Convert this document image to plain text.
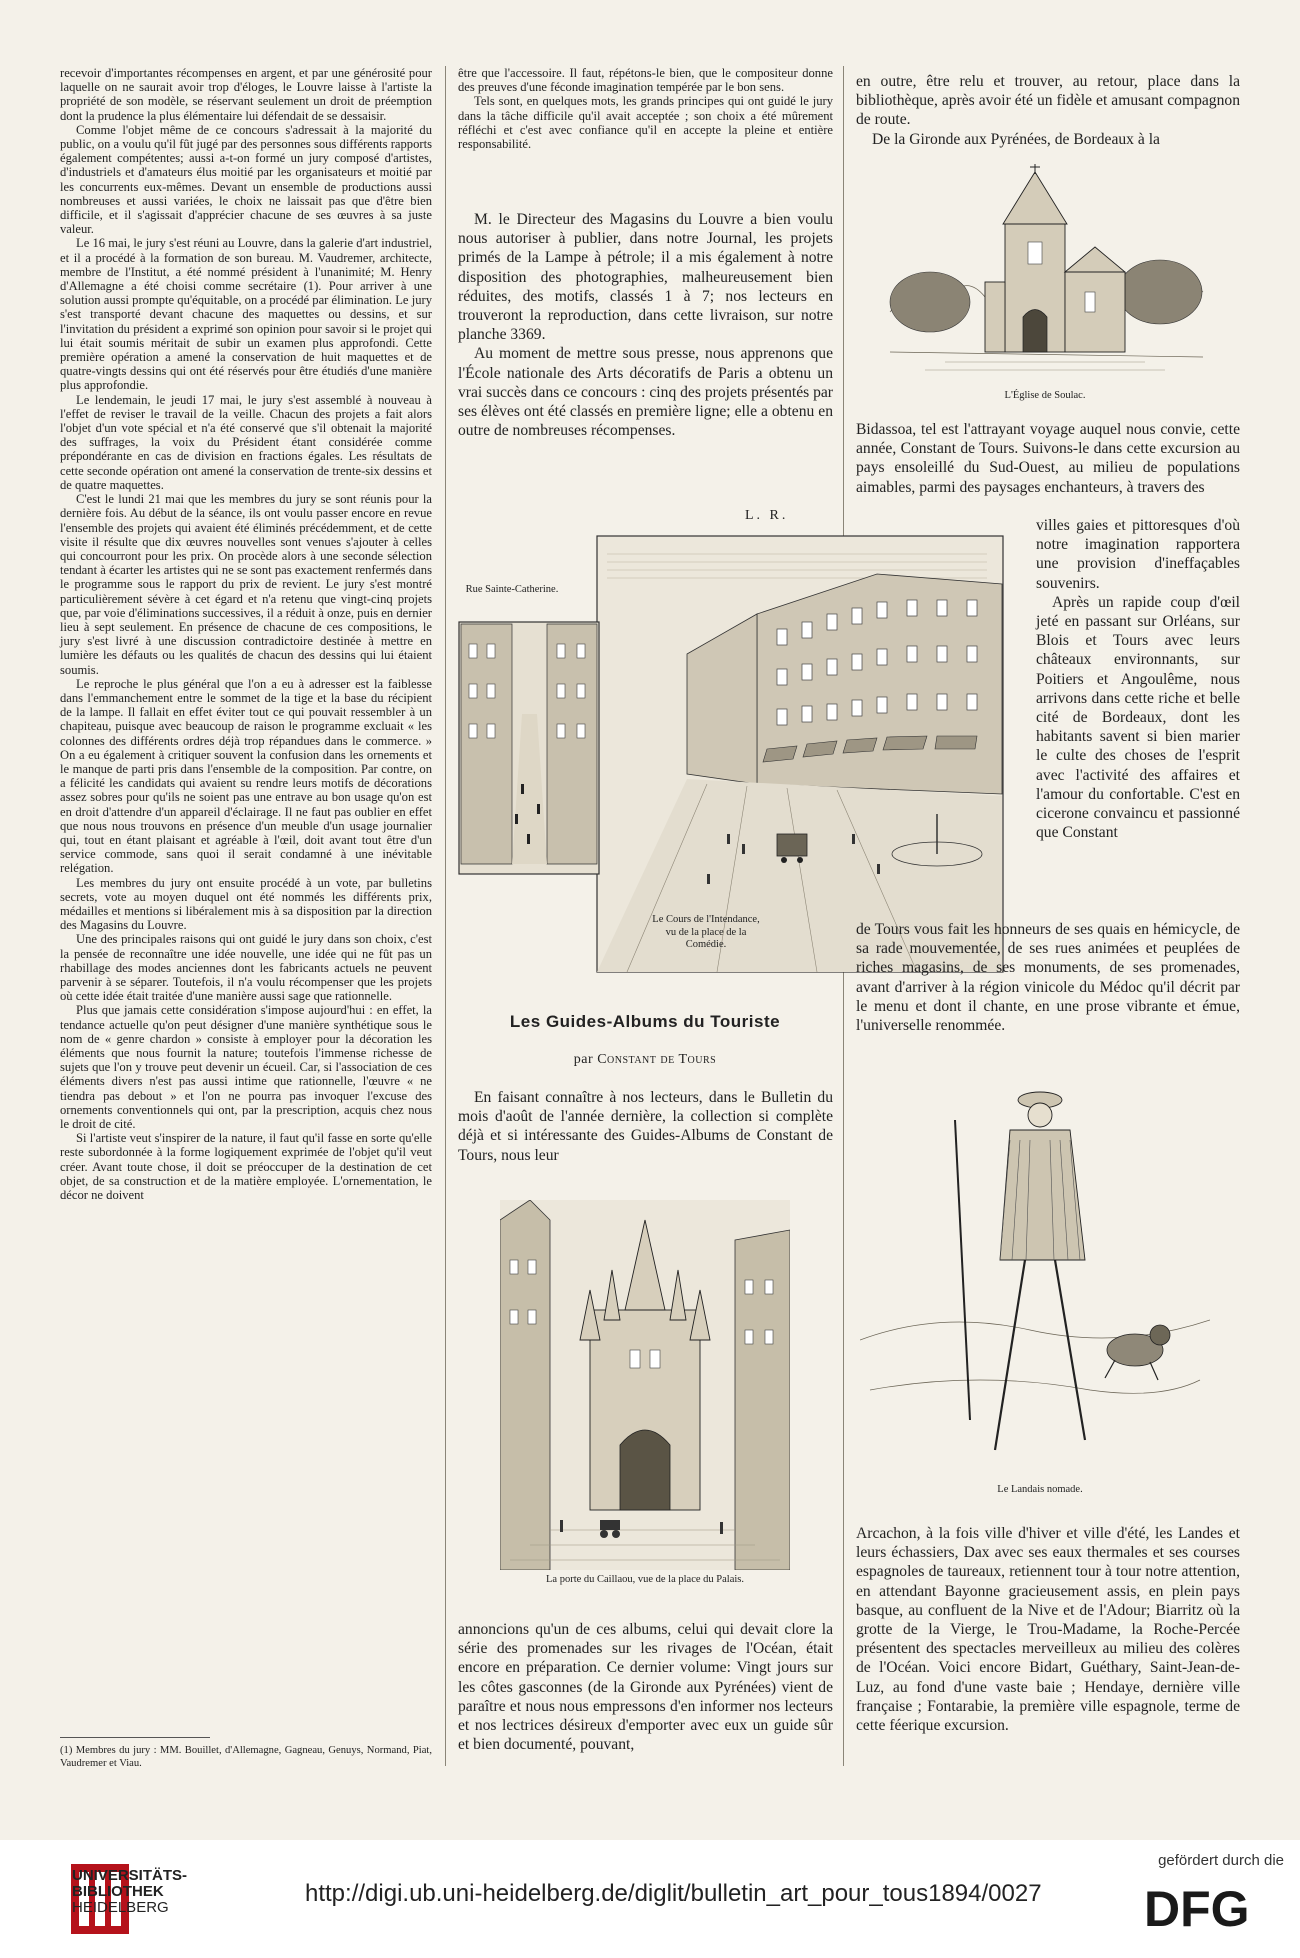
recevoir d'importantes récompenses en argent, et par une générosité pour laquelle on ne saurait avoir trop d'éloges, le Louvre laisse à l'artiste la propriété de son modèle, se réservant seulement un droit de préemption dont la prudence la plus élémentaire lui défendait de se dessaisir.

Comme l'objet même de ce concours s'adressait à la majorité du public, on a voulu qu'il fût jugé par des personnes sous différents rapports également compétentes; aussi a-t-on formé un jury composé d'artistes, d'industriels et d'amateurs élus moitié par les organisateurs et moitié par les concurrents eux-mêmes. Devant un ensemble de productions aussi nombreuses et aussi variées, le choix ne laissait pas que d'être bien difficile, et il s'agissait d'apprécier chacune de ses œuvres à sa juste valeur.

Le 16 mai, le jury s'est réuni au Louvre, dans la galerie d'art industriel, et il a procédé à la formation de son bureau. M. Vaudremer, architecte, membre de l'Institut, a été nommé président à l'unanimité; M. Henry d'Allemagne a été choisi comme secrétaire (1). Pour arriver à une solution aussi prompte qu'équitable, on a procédé par élimination. Le jury s'est transporté devant chacune des maquettes ou dessins, et sur l'invitation du président a exprimé son opinion pour savoir si le projet qui lui était soumis méritait de subir un examen plus approfondi. Cette première opération a amené la conservation de huit maquettes et de quatre-vingts dessins qui ont été réservés pour être étudiés d'une manière plus approfondie.

Le lendemain, le jeudi 17 mai, le jury s'est assemblé à nouveau à l'effet de reviser le travail de la veille. Chacun des projets a fait alors l'objet d'un vote spécial et n'a été conservé que s'il obtenait la majorité des suffrages, la voix du Président étant considérée comme prépondérante en cas de division en fractions égales. Les résultats de cette seconde opération ont amené la conservation de trente-six dessins et de quatre maquettes.

C'est le lundi 21 mai que les membres du jury se sont réunis pour la dernière fois. Au début de la séance, ils ont voulu passer encore en revue l'ensemble des projets qui avaient été éliminés précédemment, et de cette visite il résulte que dix œuvres nouvelles sont venues s'ajouter à celles qui concourront pour les prix. On procède alors à une seconde sélection tendant à écarter les artistes qui ne se sont pas exactement renfermés dans le programme sous le rapport du prix de revient. Le jury s'est montré particulièrement sévère à cet égard et n'a retenu que vingt-cinq projets que, par voie d'éliminations successives, il a réduit à onze, puis en dernier lieu à sept seulement. En présence de chacune de ces compositions, le jury s'est livré à une discussion contradictoire destinée à mettre en lumière les défauts ou les qualités de chacun des dessins qui lui étaient soumis.

Le reproche le plus général que l'on a eu à adresser est la faiblesse dans l'emmanchement entre le sommet de la tige et la base du récipient de la lampe. Il fallait en effet éviter tout ce qui pouvait ressembler à un chapiteau, puisque avec beaucoup de raison le programme excluait « les colonnes des différents ordres déjà trop répandues dans le commerce. » On a eu également à critiquer souvent la confusion dans les ornements et le manque de parti pris dans l'ensemble de la composition. Par contre, on a félicité les candidats qui avaient su rendre leurs motifs de décorations assez sobres pour qu'ils ne soient pas une entrave au bon usage qu'on est en droit d'attendre d'un appareil d'éclairage. Il ne faut pas oublier en effet que nous nous trouvons en présence d'un meuble d'un usage journalier qui, tout en étant plaisant et agréable à l'œil, doit avant tout être d'un service commode, sans quoi il serait condamné à une inévitable relégation.

Les membres du jury ont ensuite procédé à un vote, par bulletins secrets, vote au moyen duquel ont été nommés les différents prix, médailles et mentions si libéralement mis à sa disposition par la direction des Magasins du Louvre.

Une des principales raisons qui ont guidé le jury dans son choix, c'est la pensée de reconnaître une idée nouvelle, une idée qui ne fût pas un rhabillage des modes anciennes dont les fabricants actuels ne peuvent parvenir à se séparer. Toutefois, il n'a voulu récompenser que les projets où cette idée était traitée d'une manière aussi sage que rationnelle.

Plus que jamais cette considération s'impose aujourd'hui : en effet, la tendance actuelle qu'on peut désigner d'une manière synthétique sous le nom de « genre chardon » consiste à employer pour la décoration les éléments que nous fournit la nature; toutefois l'immense richesse de sujets que l'on y trouve peut devenir un écueil. Car, si l'association de ces éléments divers n'est pas aussi intime que rationnelle, l'œuvre « ne tiendra pas debout » et l'on ne pourra pas invoquer l'excuse des ornements conventionnels qui ont, par la prescription, acquis chez nous le droit de cité.

Si l'artiste veut s'inspirer de la nature, il faut qu'il fasse en sorte qu'elle reste subordonnée à la forme logiquement exprimée de l'objet qu'il veut créer. Avant toute chose, il doit se préoccuper de la destination de cet objet, de sa construction et de la matière employée. L'ornementation, le décor ne doivent

(1) Membres du jury : MM. Bouillet, d'Allemagne, Gagneau, Genuys, Normand, Piat, Vaudremer et Viau.

être que l'accessoire. Il faut, répétons-le bien, que le compositeur donne des preuves d'une féconde imagination tempérée par le bon sens.

Tels sont, en quelques mots, les grands principes qui ont guidé le jury dans la tâche difficile qu'il avait acceptée ; son choix a été mûrement réfléchi et c'est avec confiance qu'il en accepte la pleine et entière responsabilité.

M. le Directeur des Magasins du Louvre a bien voulu nous autoriser à publier, dans notre Journal, les projets primés de la Lampe à pétrole; il a mis également à notre disposition des photographies, malheureusement bien réduites, des motifs, classés 1 à 7; nos lecteurs en trouveront la reproduction, dans cette livraison, sur notre planche 3369.

Au moment de mettre sous presse, nous apprenons que l'École nationale des Arts décoratifs de Paris a obtenu un vrai succès dans ce concours : cinq des projets présentés par ses élèves ont été classés en première ligne; elle a obtenu en outre de nombreuses récompenses.

L. R.
Rue Sainte-Catherine.
Le Cours de l'Intendance, vu de la place de la Comédie.
Les Guides-Albums du Touriste
par Constant de Tours

En faisant connaître à nos lecteurs, dans le Bulletin du mois d'août de l'année dernière, la collection si complète déjà et si intéressante des Guides-Albums de Constant de Tours, nous leur

La porte du Caillaou, vue de la place du Palais.

annoncions qu'un de ces albums, celui qui devait clore la série des promenades sur les rivages de l'Océan, était encore en préparation. Ce dernier volume: Vingt jours sur les côtes gasconnes (de la Gironde aux Pyrénées) vient de paraître et nous nous empressons d'en informer nos lecteurs et nos lectrices désireux d'emporter avec eux un guide sûr et bien documenté, pouvant,

en outre, être relu et trouver, au retour, place dans la bibliothèque, après avoir été un fidèle et amusant compagnon de route.

De la Gironde aux Pyrénées, de Bordeaux à la

L'Église de Soulac.

Bidassoa, tel est l'attrayant voyage auquel nous convie, cette année, Constant de Tours. Suivons-le dans cette excursion au pays ensoleillé du Sud-Ouest, au milieu de populations aimables, parmi des paysages enchanteurs, à travers des

villes gaies et pittoresques d'où notre imagination rapportera une provision d'ineffaçables souvenirs.

Après un rapide coup d'œil jeté en passant sur Orléans, sur Blois et Tours avec leurs châteaux environnants, sur Poitiers et Angoulême, nous arrivons dans cette riche et belle cité de Bordeaux, dont les habitants savent si bien marier le culte des choses de l'esprit avec l'activité des affaires et l'amour du confortable. C'est en cicerone convaincu et passionné que Constant

de Tours vous fait les honneurs de ses quais en hémicycle, de sa rade mouvementée, de ses rues animées et peuplées de riches magasins, de ses monuments, de ses promenades, avant d'arriver à la région vinicole du Médoc qu'il décrit par le menu et dont il chante, en une prose vibrante et émue, l'universelle renommée.

Le Landais nomade.

Arcachon, à la fois ville d'hiver et ville d'été, les Landes et leurs échassiers, Dax avec ses eaux thermales et ses courses espagnoles de taureaux, retiennent tour à tour notre attention, en attendant Bayonne gracieusement assis, en plein pays basque, au confluent de la Nive et de l'Adour; Biarritz où la grotte de la Vierge, le Trou-Madame, la Roche-Percée présentent des spectacles merveilleux au milieu des colères de l'Océan. Voici encore Bidart, Guéthary, Saint-Jean-de-Luz, au fond d'une vaste baie ; Hendaye, dernière ville française ; Fontarabie, la première ville espagnole, terme de cette féerique excursion.

UNIVERSITÄTS-
BIBLIOTHEK
HEIDELBERG
http://digi.ub.uni-heidelberg.de/diglit/bulletin_art_pour_tous1894/0027
gefördert durch die
DFG
